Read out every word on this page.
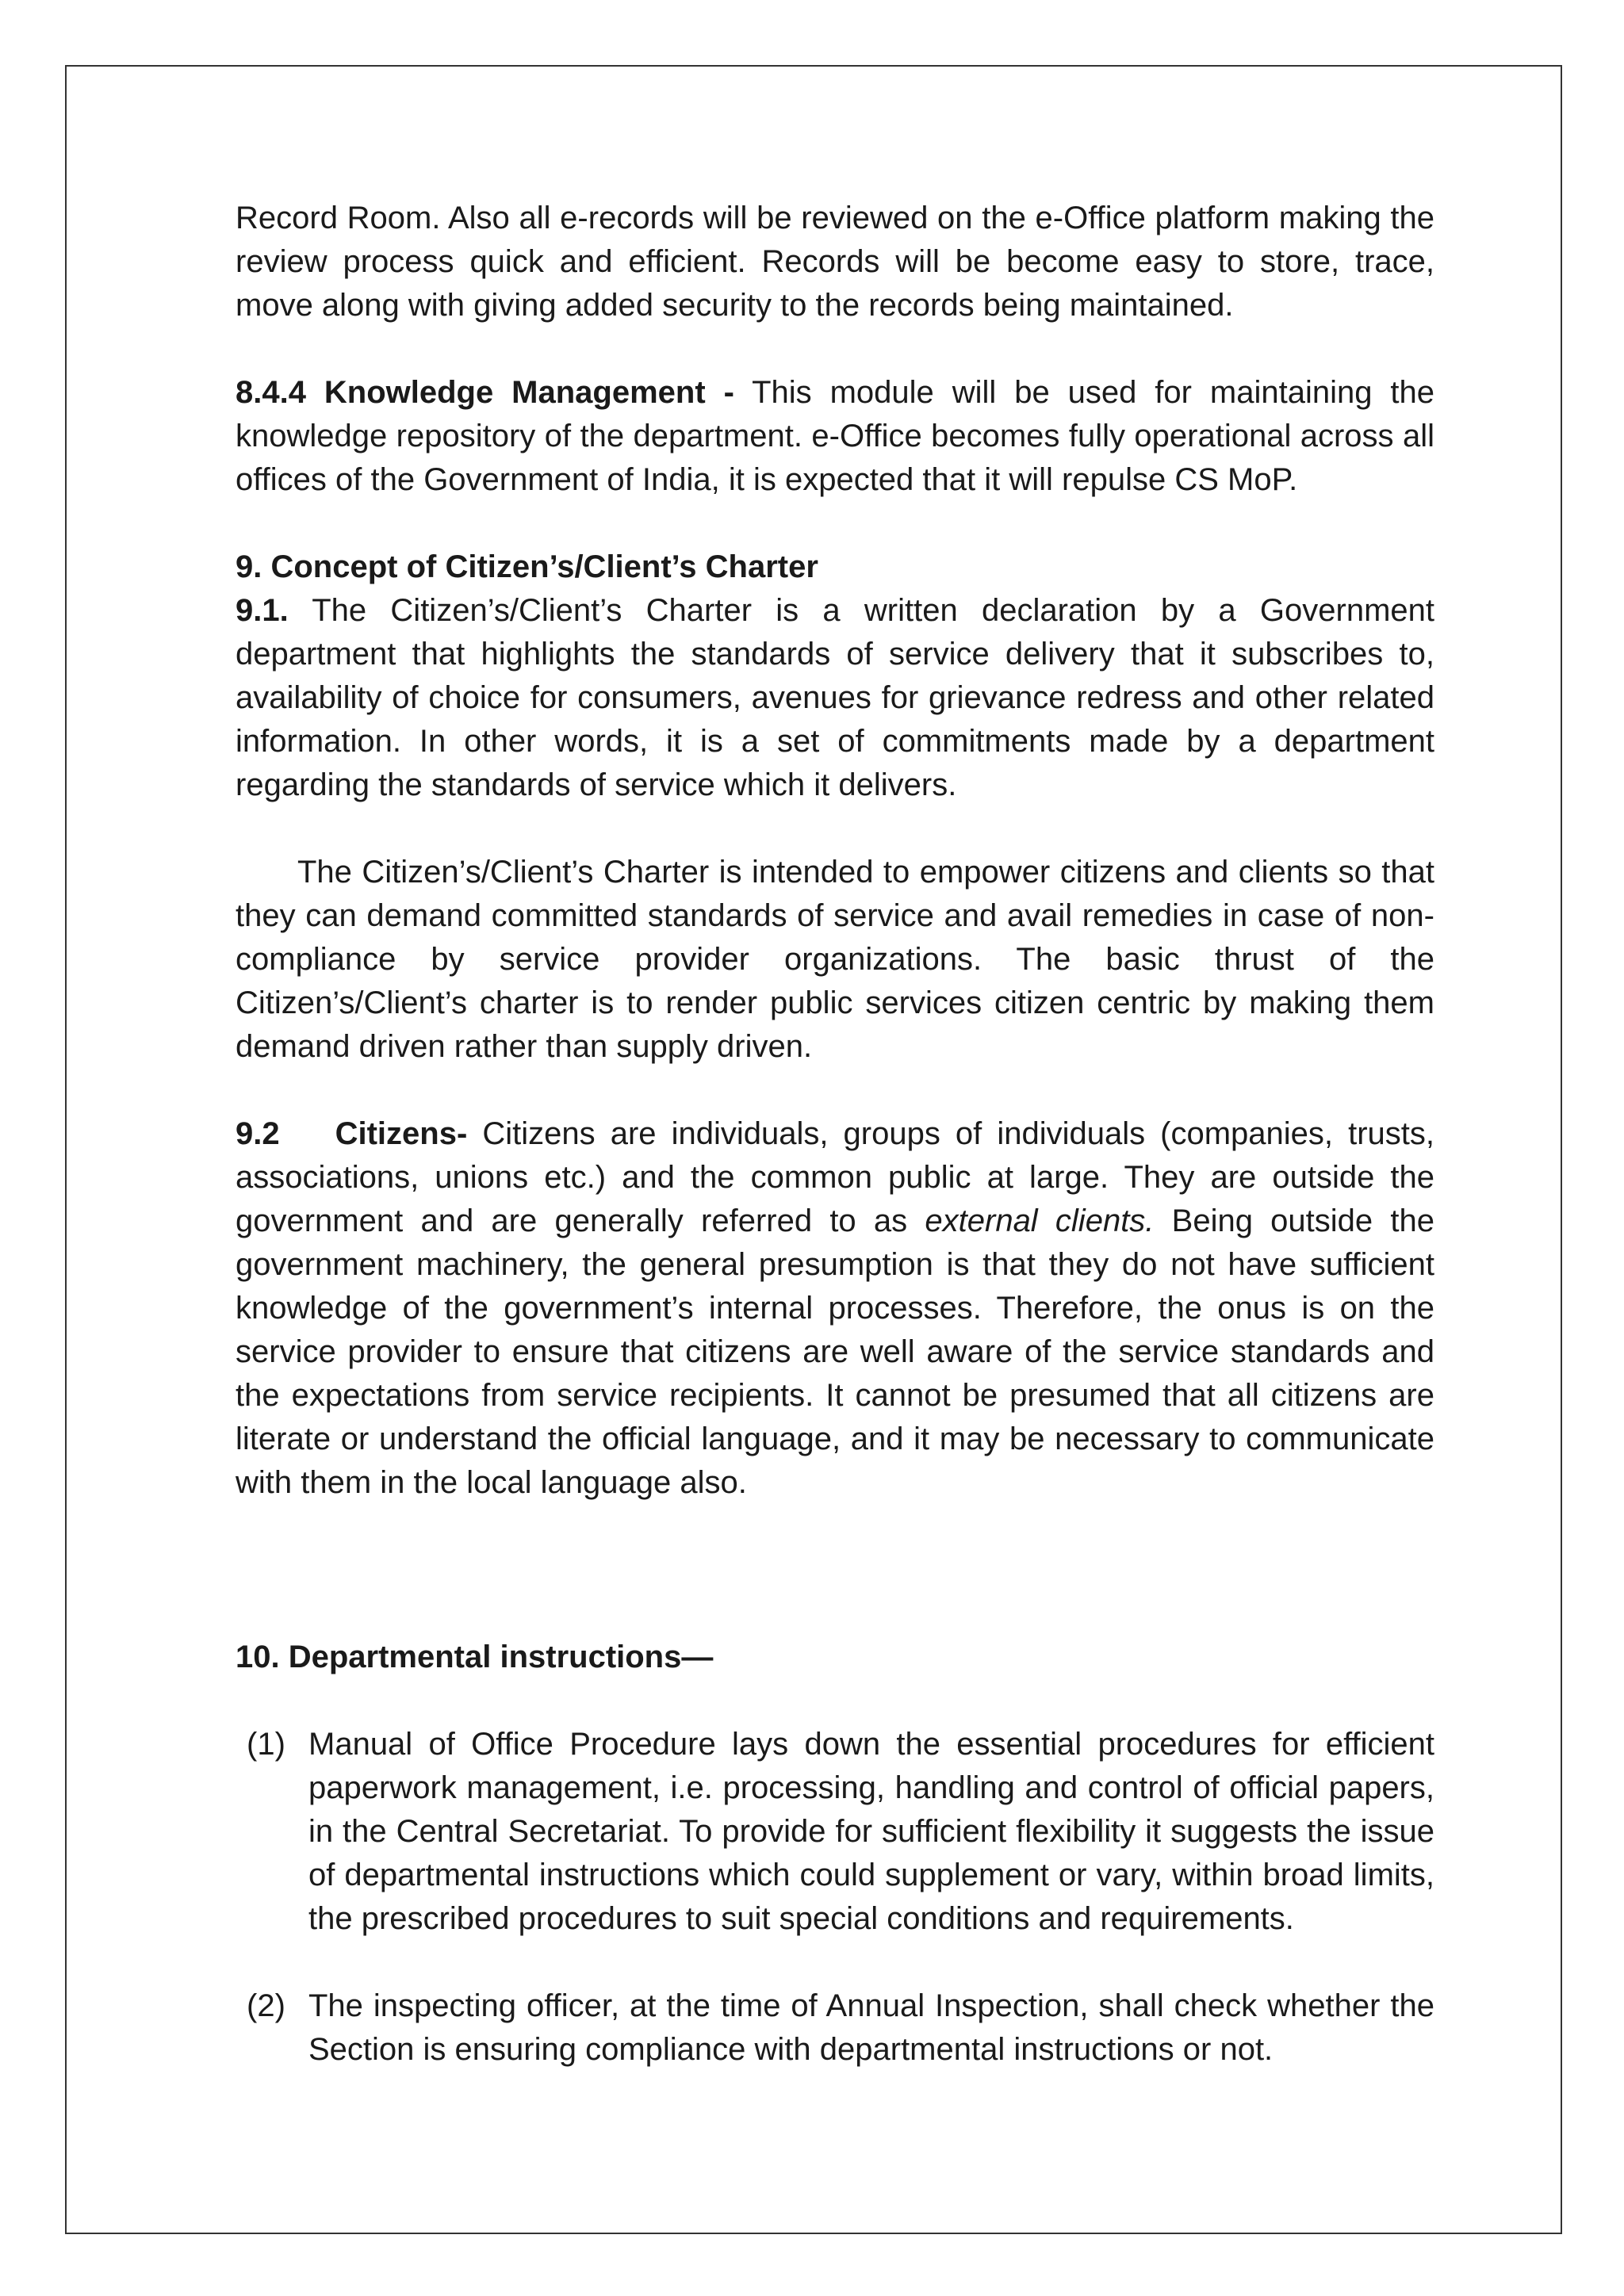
Record Room. Also all e-records will be reviewed on the e-Office platform making the review process quick and efficient. Records will be become easy to store, trace, move along with giving added security to the records being maintained.

8.4.4 Knowledge Management - This module will be used for maintaining the knowledge repository of the department. e-Office becomes fully operational across all offices of the Government of India, it is expected that it will repulse CS MoP.

9. Concept of Citizen’s/Client’s Charter

9.1. The Citizen’s/Client’s Charter is a written declaration by a Government department that highlights the standards of service delivery that it subscribes to, availability of choice for consumers, avenues for grievance redress and other related information. In other words, it is a set of commitments made by a department regarding the standards of service which it delivers.

The Citizen’s/Client’s Charter is intended to empower citizens and clients so that they can demand committed standards of service and avail remedies in case of non-compliance by service provider organizations. The basic thrust of the Citizen’s/Client’s charter is to render public services citizen centric by making them demand driven rather than supply driven.

9.2 Citizens- Citizens are individuals, groups of individuals (companies, trusts, associations, unions etc.) and the common public at large. They are outside the government and are generally referred to as external clients. Being outside the government machinery, the general presumption is that they do not have sufficient knowledge of the government’s internal processes. Therefore, the onus is on the service provider to ensure that citizens are well aware of the service standards and the expectations from service recipients. It cannot be presumed that all citizens are literate or understand the official language, and it may be necessary to communicate with them in the local language also.

10. Departmental instructions—

(1) Manual of Office Procedure lays down the essential procedures for efficient paperwork management, i.e. processing, handling and control of official papers, in the Central Secretariat. To provide for sufficient flexibility it suggests the issue of departmental instructions which could supplement or vary, within broad limits, the prescribed procedures to suit special conditions and requirements.
(2) The inspecting officer, at the time of Annual Inspection, shall check whether the Section is ensuring compliance with departmental instructions or not.
